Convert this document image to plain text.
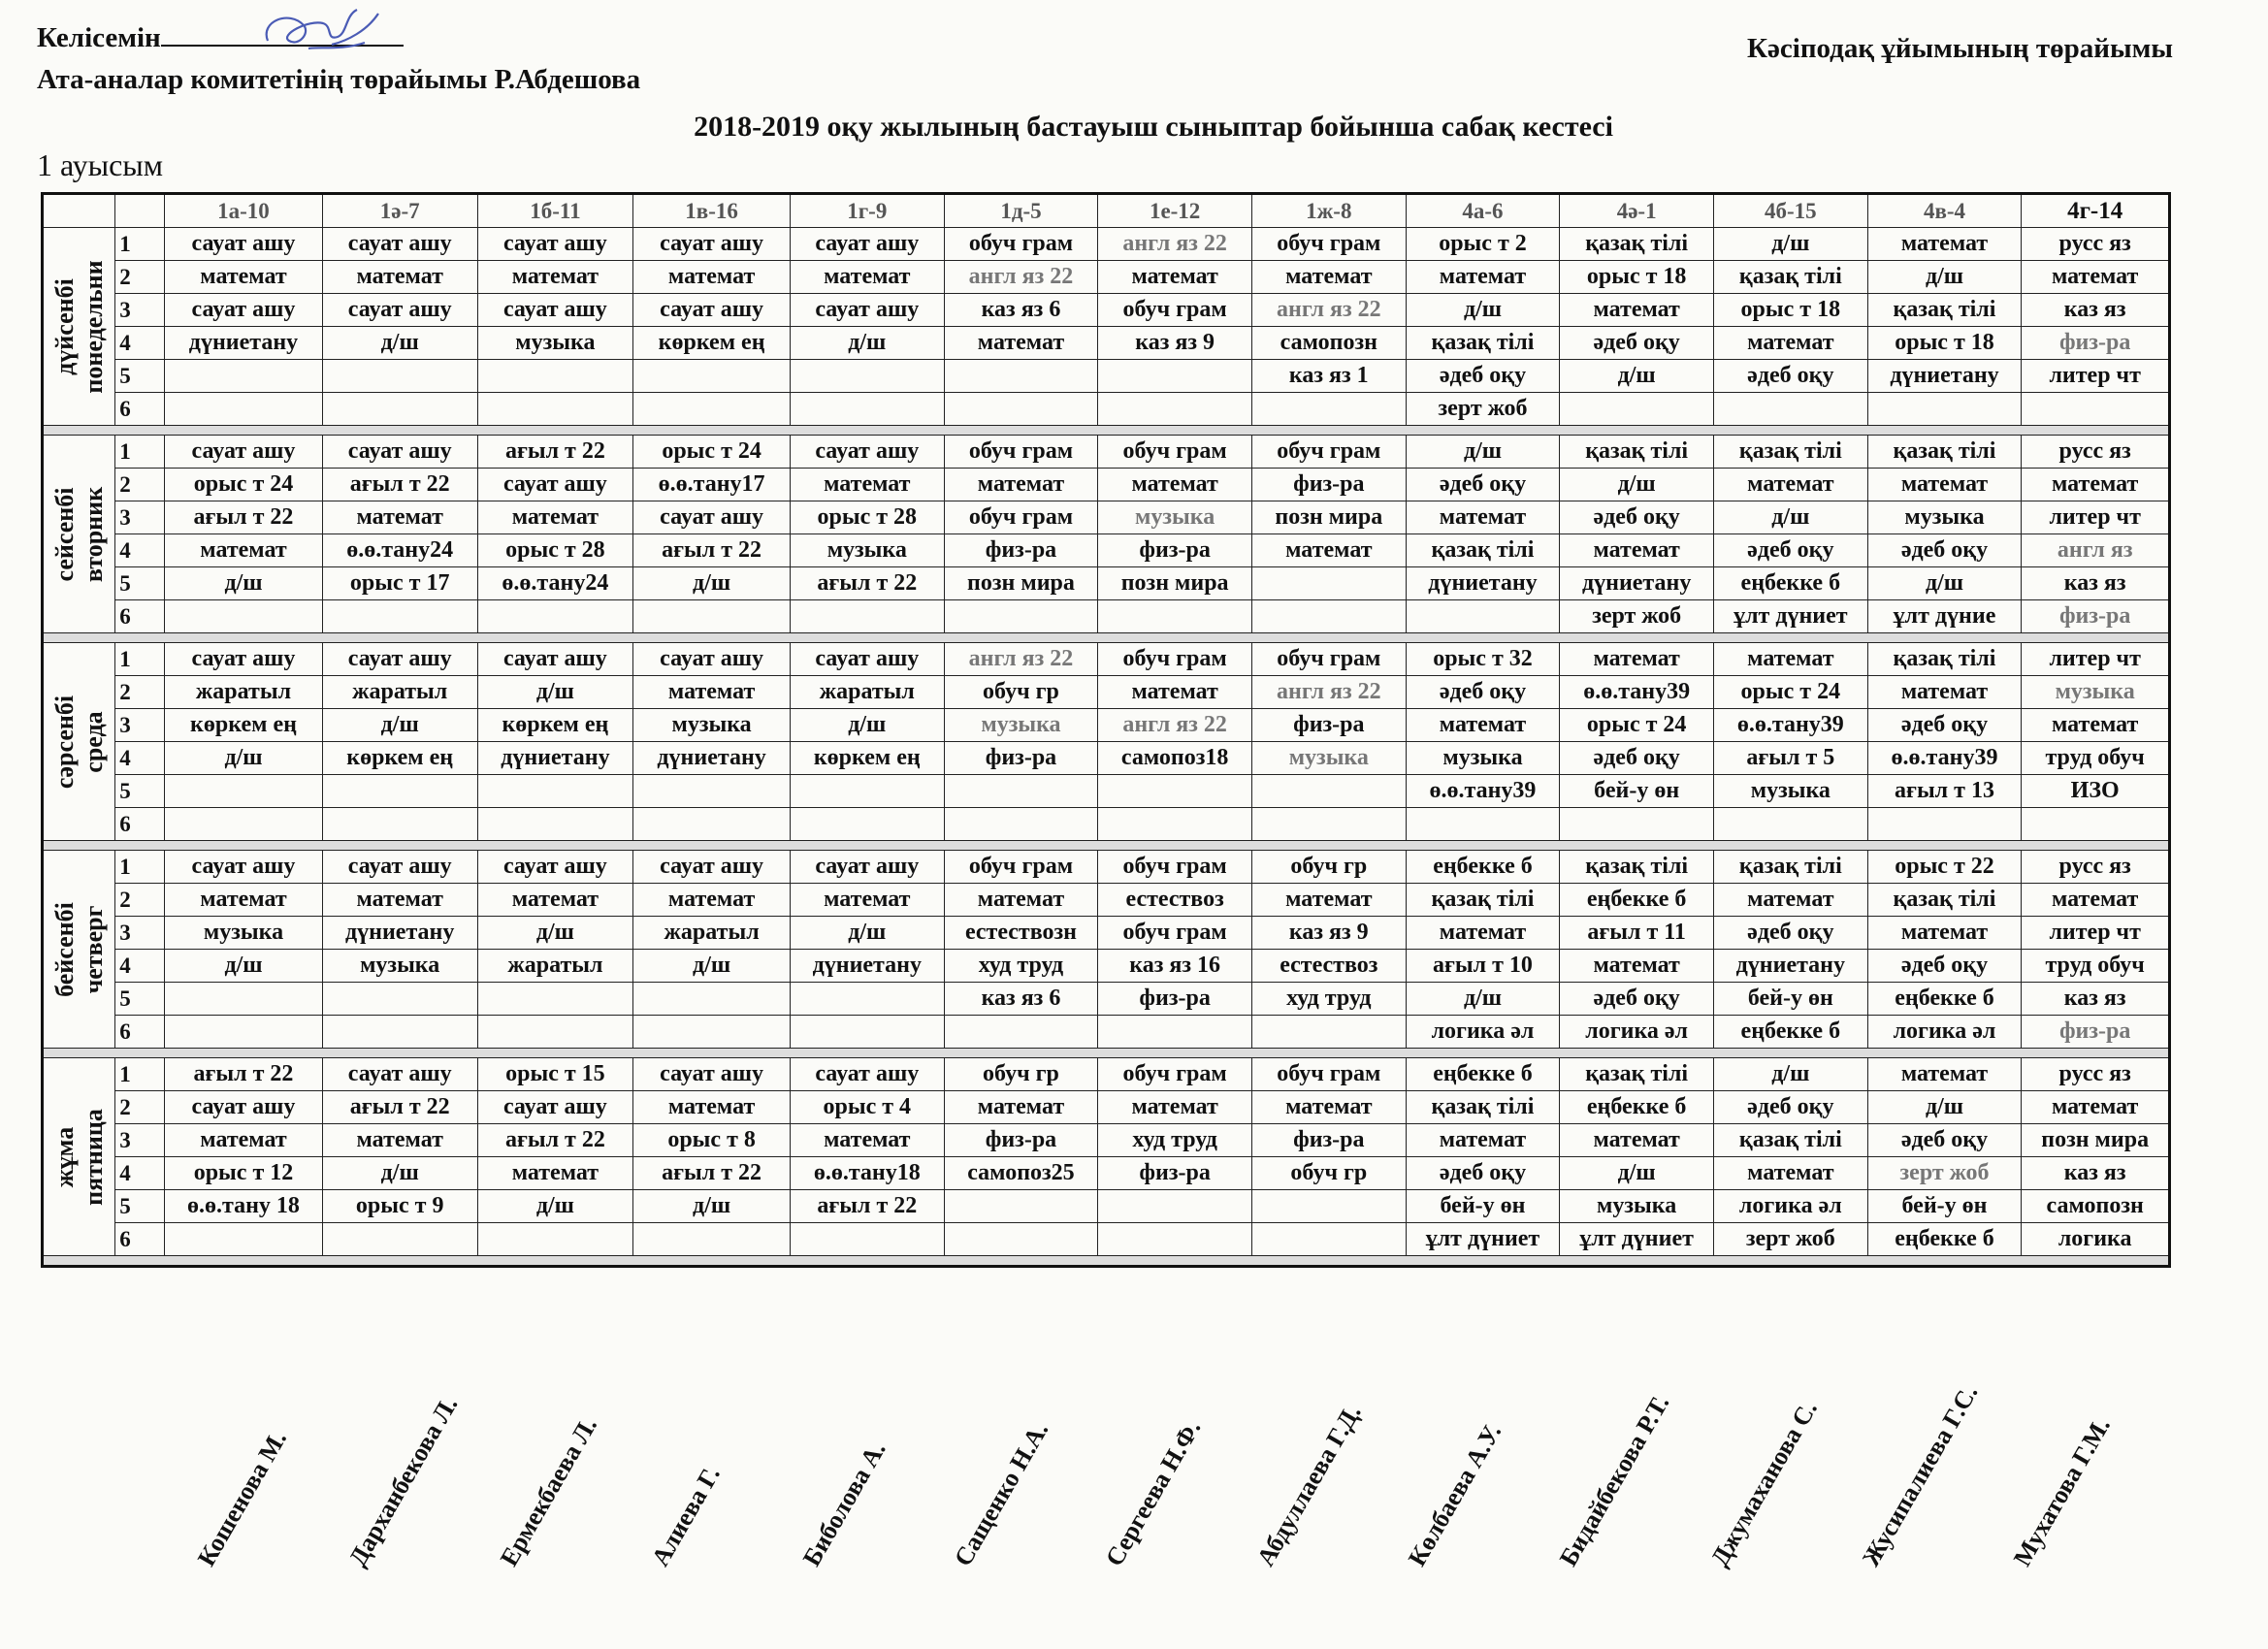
Келісемін
Ата-аналар комитетінің төрайымы Р.Абдешова
Кәсіподақ ұйымының төрайымы
2018-2019 оқу жылының бастауыш сыныптар бойынша сабақ кестесі
1 ауысым
		1а-10	1ә-7	1б-11	1в-16	1г-9	1д-5	1е-12	1ж-8	4а-6	4ә-1	4б-15	4в-4	4г-14

дүйсенбі понедельни	1	сауат ашу	сауат ашу	сауат ашу	сауат ашу	сауат ашу	обуч грам	англ яз 22	обуч грам	орыс т 2	қазақ тілі	д/ш	математ	русс яз
	2	математ	математ	математ	математ	математ	англ яз 22	математ	математ	математ	орыс т 18	қазақ тілі	д/ш	математ
	3	сауат ашу	сауат ашу	сауат ашу	сауат ашу	сауат ашу	каз яз 6	обуч грам	англ яз 22	д/ш	математ	орыс т 18	қазақ тілі	каз яз
	4	дүниетану	д/ш	музыка	көркем ең	д/ш	математ	каз яз 9	самопозн	қазақ тілі	әдеб оқу	математ	орыс т 18	физ-ра
	5								каз яз 1	әдеб оқу	д/ш	әдеб оқу	дүниетану	литер чт
	6									зерт жоб				

сейсенбі вторник	1	сауат ашу	сауат ашу	ағыл т 22	орыс т 24	сауат ашу	обуч грам	обуч грам	обуч грам	д/ш	қазақ тілі	қазақ тілі	қазақ тілі	русс яз
	2	орыс т 24	ағыл т 22	сауат ашу	ө.ө.тану17	математ	математ	математ	физ-ра	әдеб оқу	д/ш	математ	математ	математ
	3	ағыл т 22	математ	математ	сауат ашу	орыс т 28	обуч грам	музыка	позн мира	математ	әдеб оқу	д/ш	музыка	литер чт
	4	математ	ө.ө.тану24	орыс т 28	ағыл т 22	музыка	физ-ра	физ-ра	математ	қазақ тілі	математ	әдеб оқу	әдеб оқу	англ яз
	5	д/ш	орыс т 17	ө.ө.тану24	д/ш	ағыл т 22	позн мира	позн мира		дүниетану	дүниетану	еңбекке б	д/ш	каз яз
	6										зерт жоб	ұлт дүниет	ұлт дүние	физ-ра

сәрсенбі среда	1	сауат ашу	сауат ашу	сауат ашу	сауат ашу	сауат ашу	англ яз 22	обуч грам	обуч грам	орыс т 32	математ	математ	қазақ тілі	литер чт
	2	жаратыл	жаратыл	д/ш	математ	жаратыл	обуч гр	математ	англ яз 22	әдеб оқу	ө.ө.тану39	орыс т 24	математ	музыка
	3	көркем ең	д/ш	көркем ең	музыка	д/ш	музыка	англ яз 22	физ-ра	математ	орыс т 24	ө.ө.тану39	әдеб оқу	математ
	4	д/ш	көркем ең	дүниетану	дүниетану	көркем ең	физ-ра	самопоз18	музыка	музыка	әдеб оқу	ағыл т 5	ө.ө.тану39	труд обуч
	5									ө.ө.тану39	бей-у өн	музыка	ағыл т 13	ИЗО
	6													

бейсенбі четверг	1	сауат ашу	сауат ашу	сауат ашу	сауат ашу	сауат ашу	обуч грам	обуч грам	обуч гр	еңбекке б	қазақ тілі	қазақ тілі	орыс т 22	русс яз
	2	математ	математ	математ	математ	математ	математ	естествоз	математ	қазақ тілі	еңбекке б	математ	қазақ тілі	математ
	3	музыка	дүниетану	д/ш	жаратыл	д/ш	естествозн	обуч грам	каз яз 9	математ	ағыл т 11	әдеб оқу	математ	литер чт
	4	д/ш	музыка	жаратыл	д/ш	дүниетану	худ труд	каз яз 16	естествоз	ағыл т 10	математ	дүниетану	әдеб оқу	труд обуч
	5						каз яз 6	физ-ра	худ труд	д/ш	әдеб оқу	бей-у өн	еңбекке б	каз яз
	6									логика әл	логика әл	еңбекке б	логика әл	физ-ра

жұма пятница	1	ағыл т 22	сауат ашу	орыс т 15	сауат ашу	сауат ашу	обуч гр	обуч грам	обуч грам	еңбекке б	қазақ тілі	д/ш	математ	русс яз
	2	сауат ашу	ағыл т 22	сауат ашу	математ	орыс т 4	математ	математ	математ	қазақ тілі	еңбекке б	әдеб оқу	д/ш	математ
	3	математ	математ	ағыл т 22	орыс т 8	математ	физ-ра	худ труд	физ-ра	математ	математ	қазақ тілі	әдеб оқу	позн мира
	4	орыс т 12	д/ш	математ	ағыл т 22	ө.ө.тану18	самопоз25	физ-ра	обуч гр	әдеб оқу	д/ш	математ	зерт жоб	каз яз
	5	ө.ө.тану 18	орыс т 9	д/ш	д/ш	ағыл т 22				бей-у өн	музыка	логика әл	бей-у өн	самопозн
	6									ұлт дүниет	ұлт дүниет	зерт жоб	еңбекке б	логика

Кошенова М. Дарханбекова Л. Ермекбаева Л. Алиева Г.	Биболова А. Сащенко Н.А. Сергеева Н.Ф. Абдуллаева Г.Д. Көлбаева А.У. Бидайбекова Р.Т. Джумаханова С. Жусипалиева Г.С. Мухатова Г.М.
